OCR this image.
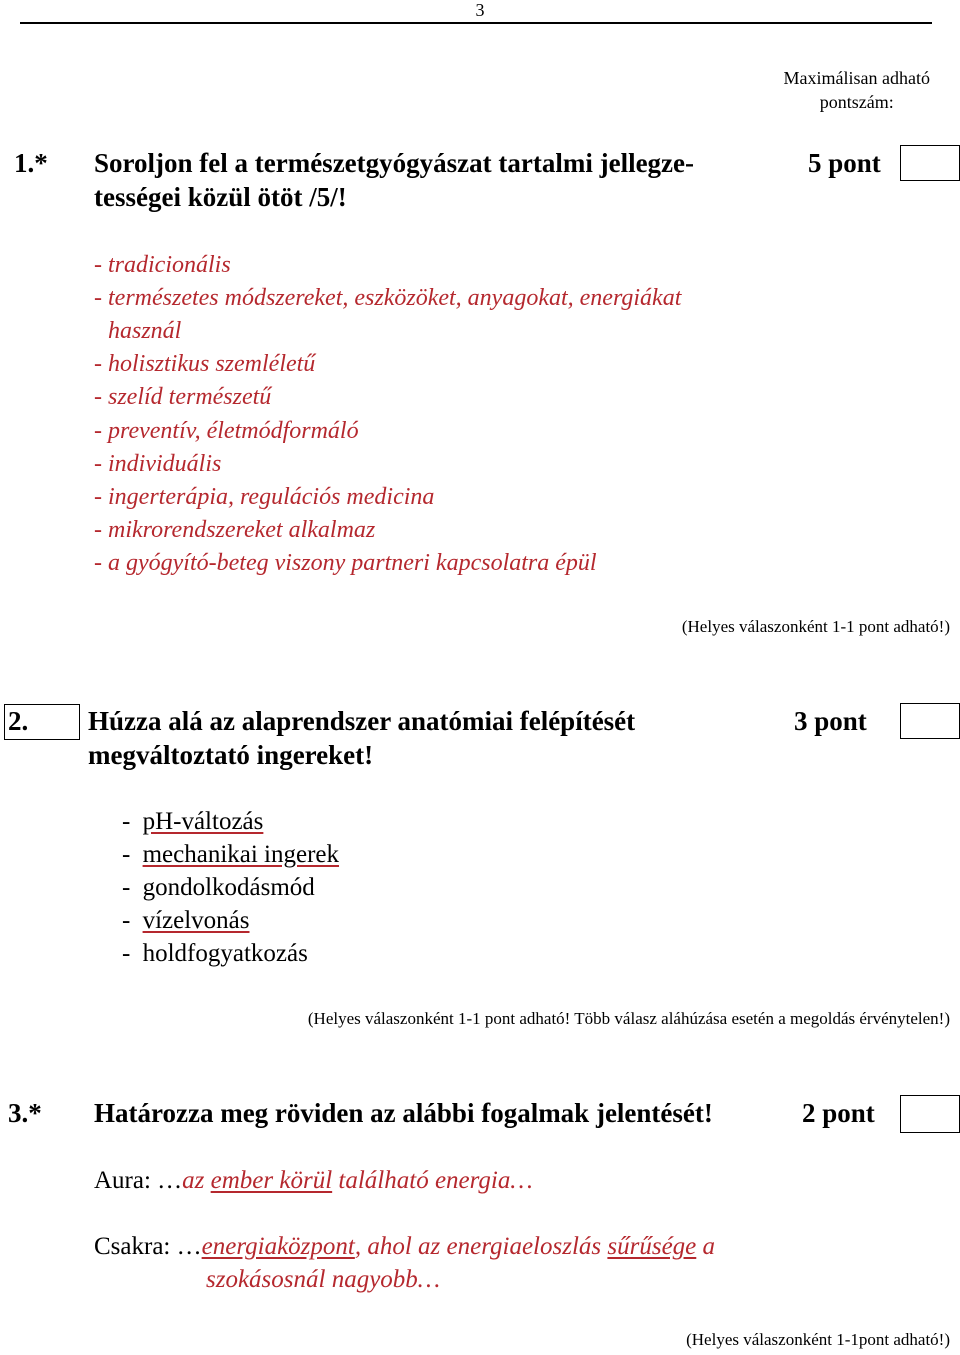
3
Maximálisan adható
pontszám:
1.* Soroljon fel a természetgyógyászat tartalmi jellegze-
tességei közül ötöt /5/!
5 pont
- tradicionális
- természetes módszereket, eszközöket, anyagokat, energiákat
használ
- holisztikus szemléletű
- szelíd természetű
- preventív, életmódformáló
- individuális
- ingerterápia, regulációs medicina
- mikrorendszereket alkalmaz
- a gyógyító-beteg viszony partneri kapcsolatra épül
(Helyes válaszonként 1-1 pont adható!)
2. Húzza alá az alaprendszer anatómiai felépítését
megváltoztató ingereket!
3 pont
- pH-változás
- mechanikai ingerek
- gondolkodásmód
- vízelvonás
- holdfogyatkozás
(Helyes válaszonként 1-1 pont adható! Több válasz aláhúzása esetén a megoldás érvénytelen!)
3.* Határozza meg röviden az alábbi fogalmak jelentését!	2 pont
Aura: …az ember körül található energia…
Csakra: …energiaközpont, ahol az energiaeloszlás sűrűsége a
szokásosnál nagyobb…
(Helyes válaszonként 1-1pont adható!)
